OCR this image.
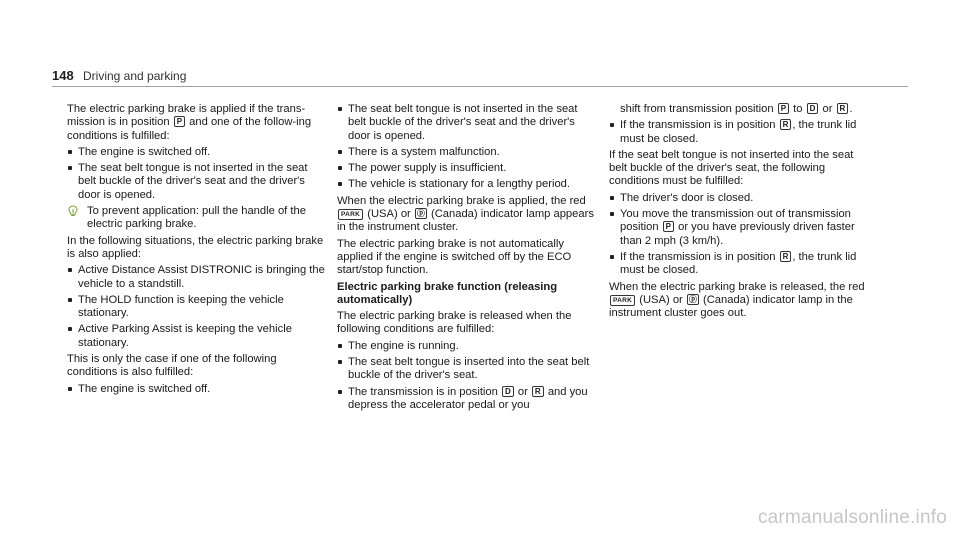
148 Driving and parking

The electric parking brake is applied if the trans-mission is in position P and one of the follow-ing conditions is fulfilled:

The engine is switched off.
The seat belt tongue is not inserted in the seat belt buckle of the driver's seat and the driver's door is opened.
To prevent application: pull the handle of the electric parking brake.

In the following situations, the electric parking brake is also applied:

Active Distance Assist DISTRONIC is bringing the vehicle to a standstill.
The HOLD function is keeping the vehicle stationary.
Active Parking Assist is keeping the vehicle stationary.

This is only the case if one of the following conditions is also fulfilled:

The engine is switched off.
The seat belt tongue is not inserted in the seat belt buckle of the driver's seat and the driver's door is opened.
There is a system malfunction.
The power supply is insufficient.
The vehicle is stationary for a lengthy period.

When the electric parking brake is applied, the red PARK (USA) or ⓟ (Canada) indicator lamp appears in the instrument cluster.

The electric parking brake is not automatically applied if the engine is switched off by the ECO start/stop function.

Electric parking brake function (releasing automatically)

The electric parking brake is released when the following conditions are fulfilled:

The engine is running.
The seat belt tongue is inserted into the seat belt buckle of the driver's seat.
The transmission is in position D or R and you depress the accelerator pedal or you

shift from transmission position P to D or R .

If the transmission is in position R , the trunk lid must be closed.

If the seat belt tongue is not inserted into the seat belt buckle of the driver's seat, the following conditions must be fulfilled:

The driver's door is closed.
You move the transmission out of transmission position P or you have previously driven faster than 2 mph (3 km/h).
If the transmission is in position R , the trunk lid must be closed.

When the electric parking brake is released, the red PARK (USA) or ⓟ (Canada) indicator lamp in the instrument cluster goes out.

carmanualsonline.info
